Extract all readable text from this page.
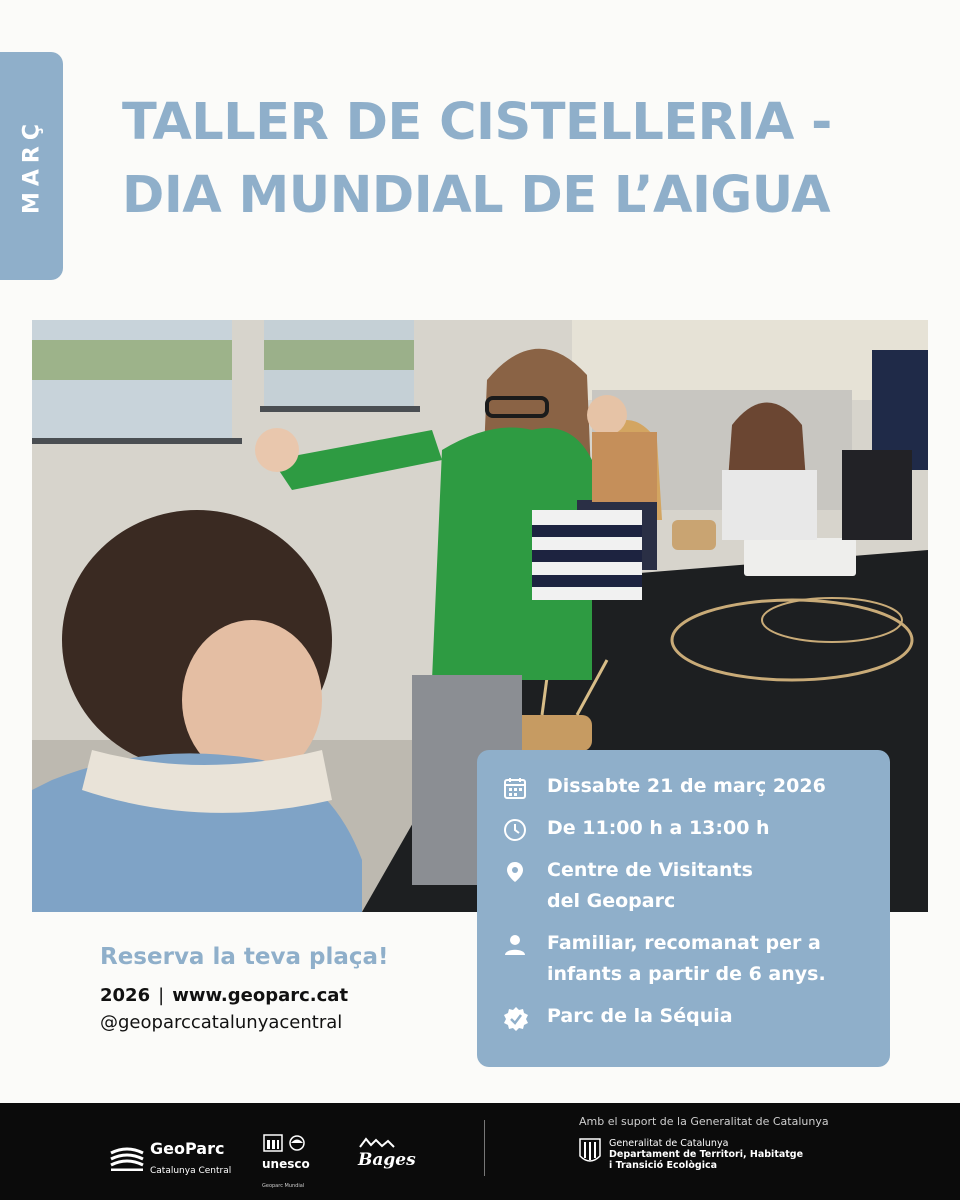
MARÇ TALLER DE CISTELLERIA -
DIA MUNDIAL DE L’AIGUA
Dissabte 21 de març 2026
De 11:00 h a 13:00 h
Centre de Visitants
del Geoparc
Familiar, recomanat per a
infants a partir de 6 anys.
Parc de la Séquia
Reserva la teva plaça!
2026 | www.geoparc.cat
@geoparccatalunyacentral
GeoParc
Catalunya Central	unesco
Geoparc Mundial
Bages
Amb el suport de la Generalitat de Catalunya
Generalitat de Catalunya
Departament de Territori, Habitatge
i Transició Ecològica
